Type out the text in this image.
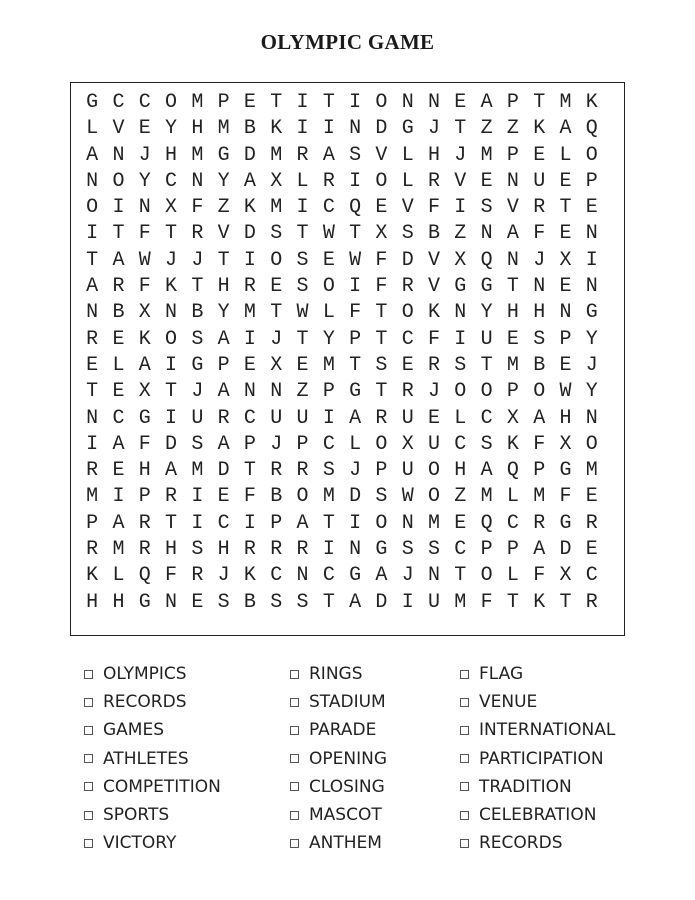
OLYMPIC GAME
G C C O M P E T I T I O N N E A P T M K
L V E Y H M B K I I N D G J T Z Z K A Q
A N J H M G D M R A S V L H J M P E L O
N O Y C N Y A X L R I O L R V E N U E P
O I N X F Z K M I C Q E V F I S V R T E
I T F T R V D S T W T X S B Z N A F E N
T A W J J T I O S E W F D V X Q N J X I
A R F K T H R E S O I F R V G G T N E N
N B X N B Y M T W L F T O K N Y H H N G
R E K O S A I J T Y P T C F I U E S P Y
E L A I G P E X E M T S E R S T M B E J
T E X T J A N N Z P G T R J O O P O W Y
N C G I U R C U U I A R U E L C X A H N
I A F D S A P J P C L O X U C S K F X O
R E H A M D T R R S J P U O H A Q P G M
M I P R I E F B O M D S W O Z M L M F E
P A R T I C I P A T I O N M E Q C R G R
R M R H S H R R R I N G S S C P P A D E
K L Q F R J K C N C G A J N T O L F X C
H H G N E S B S S T A D I U M F T K T R
OLYMPICS
RECORDS
GAMES
ATHLETES
COMPETITION
SPORTS
VICTORY
RINGS
STADIUM
PARADE
OPENING
CLOSING
MASCOT
ANTHEM
FLAG
VENUE
INTERNATIONAL
PARTICIPATION
TRADITION
CELEBRATION
RECORDS
